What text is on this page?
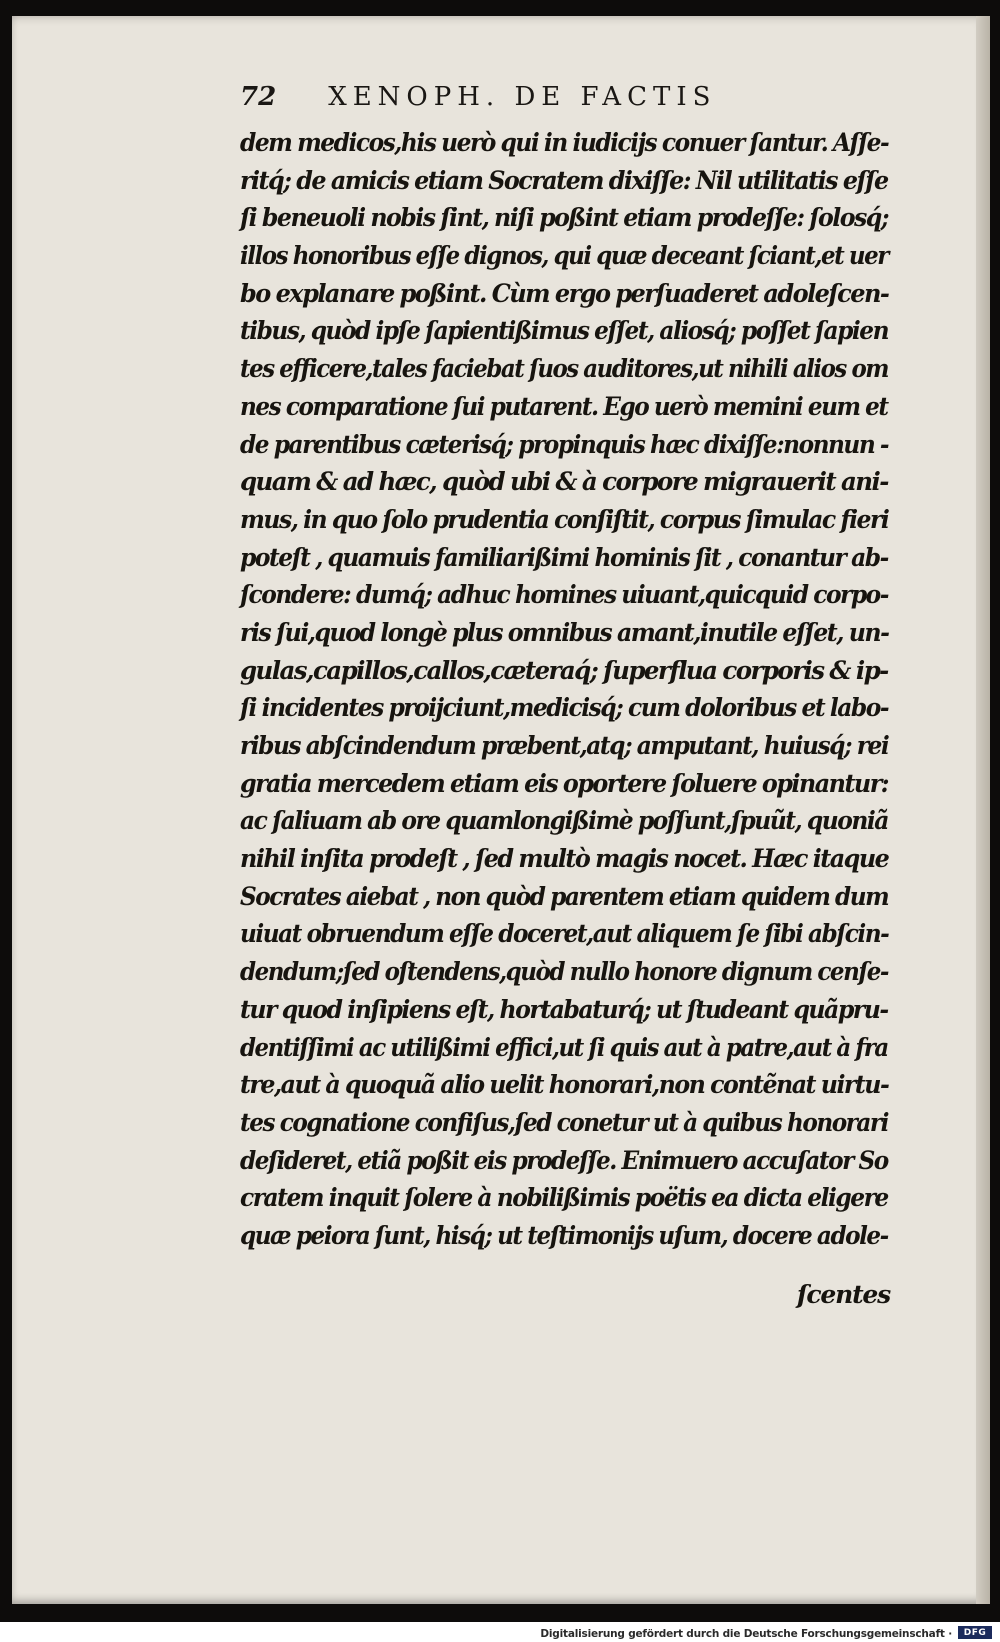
72 XENOPH. DE FACTIS
dem medicos,his uerò qui in iudicijs conuer ſantur. Aſſe-
ritq́; de amicis etiam Socratem dixiſſe: Nil utilitatis eſſe
ſi beneuoli nobis ſint, niſi poßint etiam prodeſſe: ſolosq́;
illos honoribus eſſe dignos, qui quæ deceant ſciant,et uer
bo explanare poßint. Cùm ergo perſuaderet adoleſcen-
tibus, quòd ipſe ſapientißimus eſſet, aliosq́; poſſet ſapien
tes efficere,tales faciebat ſuos auditores,ut nihili alios om
nes comparatione ſui putarent. Ego uerò memini eum et
de parentibus cæterisq́; propinquis hæc dixiſſe:nonnun -
quam & ad hæc, quòd ubi & à corpore migrauerit ani-
mus, in quo ſolo prudentia conſiſtit, corpus ſimulac fieri
poteſt , quamuis familiarißimi hominis ſit , conantur ab-
ſcondere: dumq́; adhuc homines uiuant,quicquid corpo-
ris ſui,quod longè plus omnibus amant,inutile eſſet, un-
gulas,capillos,callos,cæteraq́; ſuperflua corporis & ip-
ſi incidentes proijciunt,medicisq́; cum doloribus et labo-
ribus abſcindendum præbent,atq; amputant, huiusq́; rei
gratia mercedem etiam eis oportere ſoluere opinantur:
ac ſaliuam ab ore quamlongißimè poſſunt,ſpuũt, quoniã
nihil inſita prodeſt , ſed multò magis nocet. Hæc itaque
Socrates aiebat , non quòd parentem etiam quidem dum
uiuat obruendum eſſe doceret,aut aliquem ſe ſibi abſcin-
dendum;ſed oſtendens,quòd nullo honore dignum cenſe-
tur quod inſipiens eſt, hortabaturq́; ut ſtudeant quãpru-
dentiſſimi ac utilißimi effici,ut ſi quis aut à patre,aut à fra
tre,aut à quoquã alio uelit honorari,non contẽnat uirtu-
tes cognatione confiſus,ſed conetur ut à quibus honorari
deſideret, etiã poßit eis prodeſſe. Enimuero accuſator So
cratem inquit ſolere à nobilißimis poëtis ea dicta eligere
quæ peiora ſunt, hisq́; ut teſtimonijs uſum, docere adole-
ſcentes
Digitalisierung gefördert durch die Deutsche Forschungsgemeinschaft ·	DFG
